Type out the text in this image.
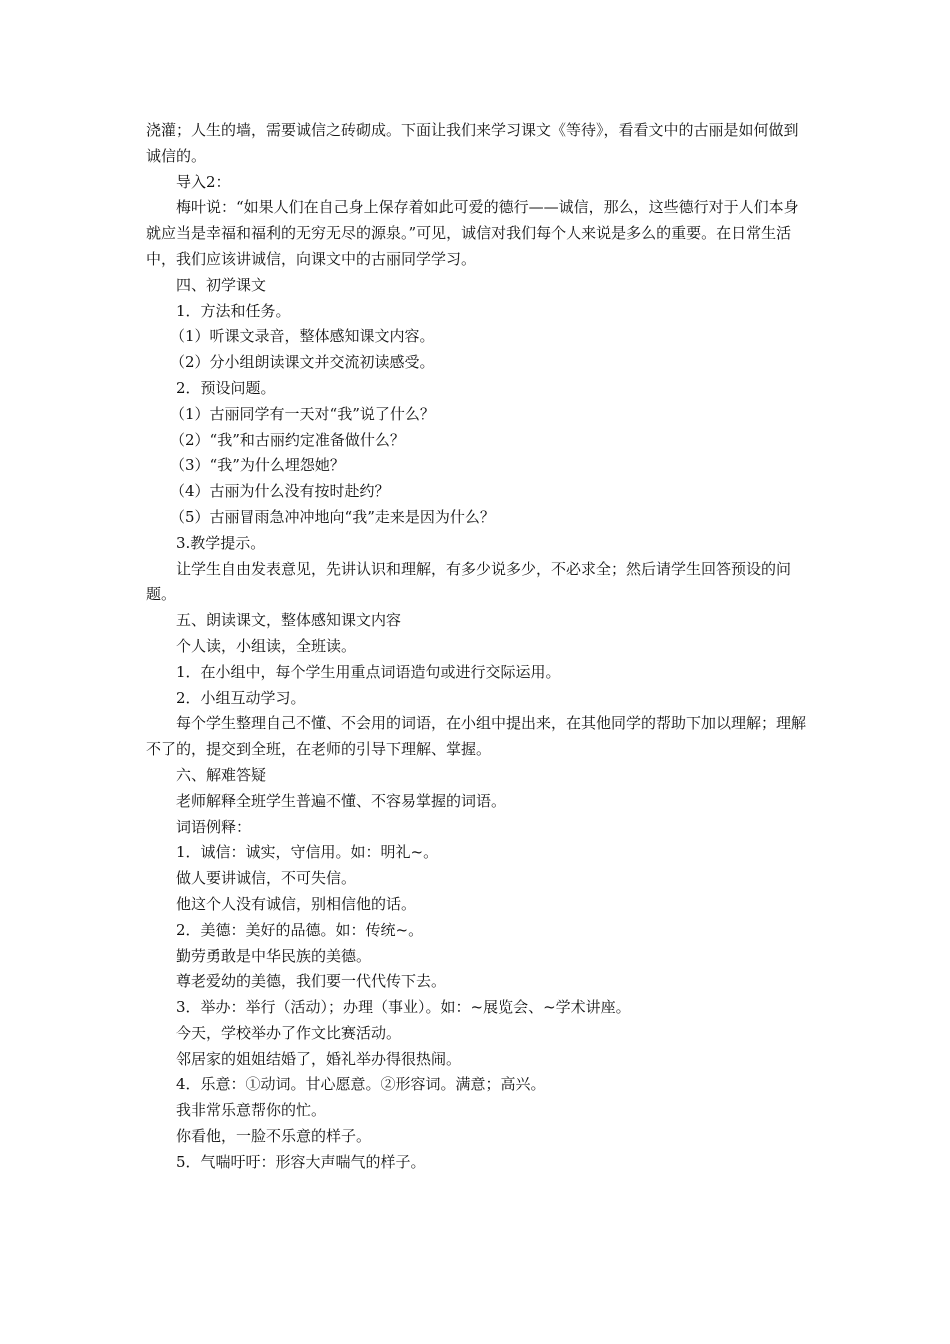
浇灌；人生的墙，需要诚信之砖砌成。下面让我们来学习课文《等待》，看看文中的古丽是如何做到诚信的。

导入2：

梅叶说：“如果人们在自己身上保存着如此可爱的德行——诚信，那么，这些德行对于人们本身就应当是幸福和福利的无穷无尽的源泉。”可见，诚信对我们每个人来说是多么的重要。在日常生活中，我们应该讲诚信，向课文中的古丽同学学习。

四、初学课文

1．方法和任务。

（1）听课文录音，整体感知课文内容。

（2）分小组朗读课文并交流初读感受。

2．预设问题。

（1）古丽同学有一天对“我”说了什么？

（2）“我”和古丽约定准备做什么？

（3）“我”为什么埋怨她？

（4）古丽为什么没有按时赴约？

（5）古丽冒雨急冲冲地向“我”走来是因为什么？

3.教学提示。

让学生自由发表意见，先讲认识和理解，有多少说多少，不必求全；然后请学生回答预设的问题。

五、朗读课文，整体感知课文内容

个人读，小组读，全班读。

1．在小组中，每个学生用重点词语造句或进行交际运用。

2．小组互动学习。

每个学生整理自己不懂、不会用的词语，在小组中提出来，在其他同学的帮助下加以理解；理解不了的，提交到全班，在老师的引导下理解、掌握。

六、解难答疑

老师解释全班学生普遍不懂、不容易掌握的词语。

词语例释：

1．诚信：诚实，守信用。如：明礼~。

做人要讲诚信，不可失信。

他这个人没有诚信，别相信他的话。

2．美德：美好的品德。如：传统~。

勤劳勇敢是中华民族的美德。

尊老爱幼的美德，我们要一代代传下去。

3．举办：举行（活动）；办理（事业）。如：~展览会、~学术讲座。

今天，学校举办了作文比赛活动。

邻居家的姐姐结婚了，婚礼举办得很热闹。

4．乐意：①动词。甘心愿意。②形容词。满意；高兴。

我非常乐意帮你的忙。

你看他，一脸不乐意的样子。

5．气喘吁吁：形容大声喘气的样子。
